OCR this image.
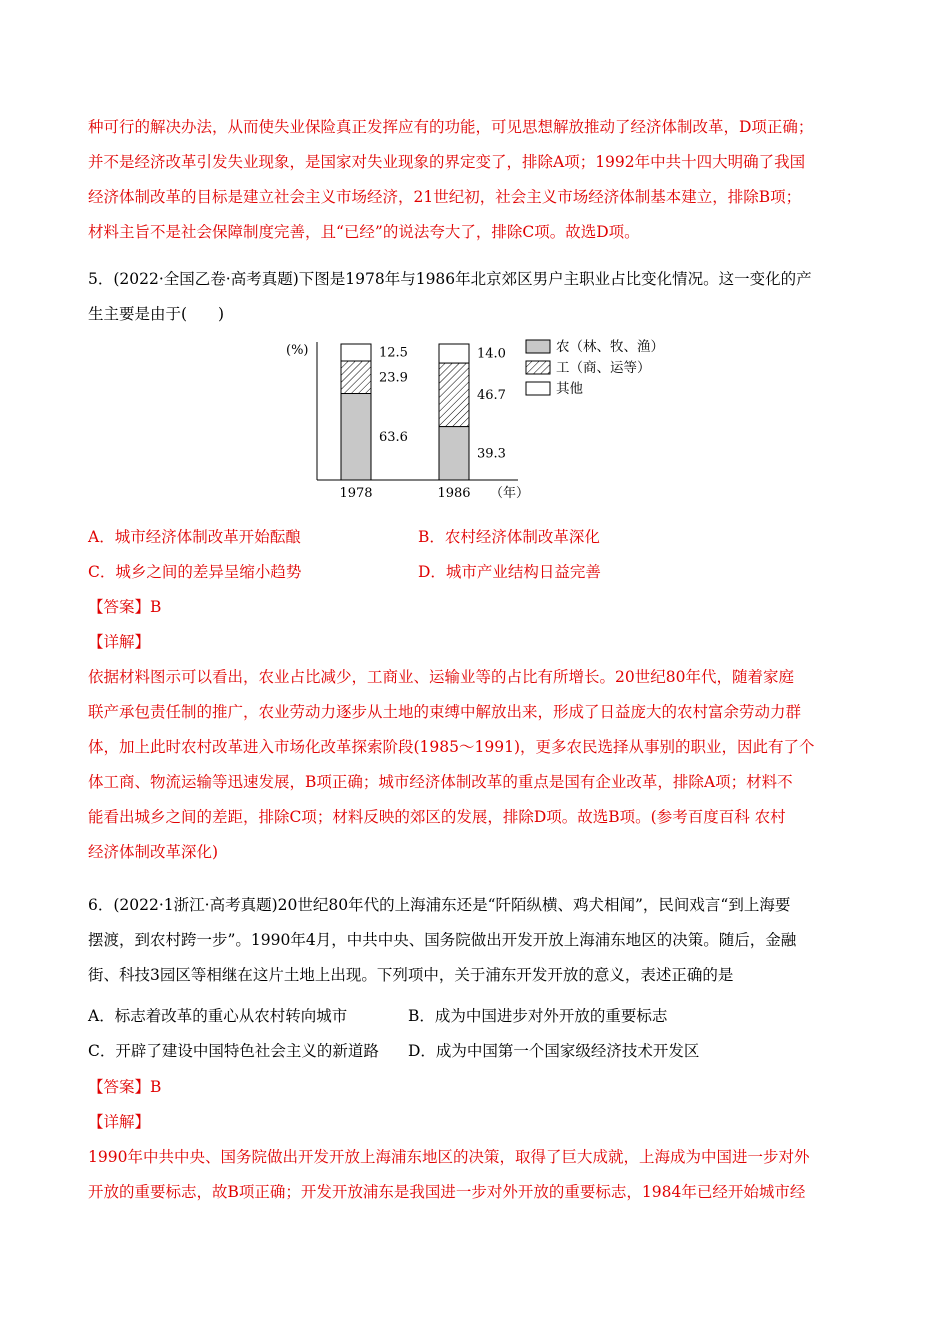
种可行的解决办法，从而使失业保险真正发挥应有的功能，可见思想解放推动了经济体制改革，D项正确；
并不是经济改革引发失业现象，是国家对失业现象的界定变了，排除A项；1992年中共十四大明确了我国
经济体制改革的目标是建立社会主义市场经济，21世纪初，社会主义市场经济体制基本建立，排除B项；
材料主旨不是社会保障制度完善，且“已经”的说法夸大了，排除C项。故选D项。
5．(2022·全国乙卷·高考真题)下图是1978年与1986年北京郊区男户主职业占比变化情况。这一变化的产
生主要是由于(　　)
(%)
63.6
23.9
12.5
39.3
46.7
14.0
1978	1986 （年）
农（林、牧、渔）
工（商、运等）
其他
A．城市经济体制改革开始酝酿	B．农村经济体制改革深化
C．城乡之间的差异呈缩小趋势	D．城市产业结构日益完善
【答案】B
【详解】
依据材料图示可以看出，农业占比减少，工商业、运输业等的占比有所增长。20世纪80年代，随着家庭
联产承包责任制的推广，农业劳动力逐步从土地的束缚中解放出来，形成了日益庞大的农村富余劳动力群
体，加上此时农村改革进入市场化改革探索阶段(1985～1991)，更多农民选择从事别的职业，因此有了个
体工商、物流运输等迅速发展，B项正确；城市经济体制改革的重点是国有企业改革，排除A项；材料不
能看出城乡之间的差距，排除C项；材料反映的郊区的发展，排除D项。故选B项。(参考百度百科 农村
经济体制改革深化)
6．(2022·1浙江·高考真题)20世纪80年代的上海浦东还是“阡陌纵横、鸡犬相闻”，民间戏言“到上海要
摆渡，到农村跨一步”。1990年4月，中共中央、国务院做出开发开放上海浦东地区的决策。随后，金融
街、科技3园区等相继在这片土地上出现。下列项中，关于浦东开发开放的意义，表述正确的是
A．标志着改革的重心从农村转向城市	B．成为中国进步对外开放的重要标志
C．开辟了建设中国特色社会主义的新道路 D．成为中国第一个国家级经济技术开发区
【答案】B
【详解】
1990年中共中央、国务院做出开发开放上海浦东地区的决策，取得了巨大成就，上海成为中国进一步对外
开放的重要标志，故B项正确；开发开放浦东是我国进一步对外开放的重要标志，1984年已经开始城市经
